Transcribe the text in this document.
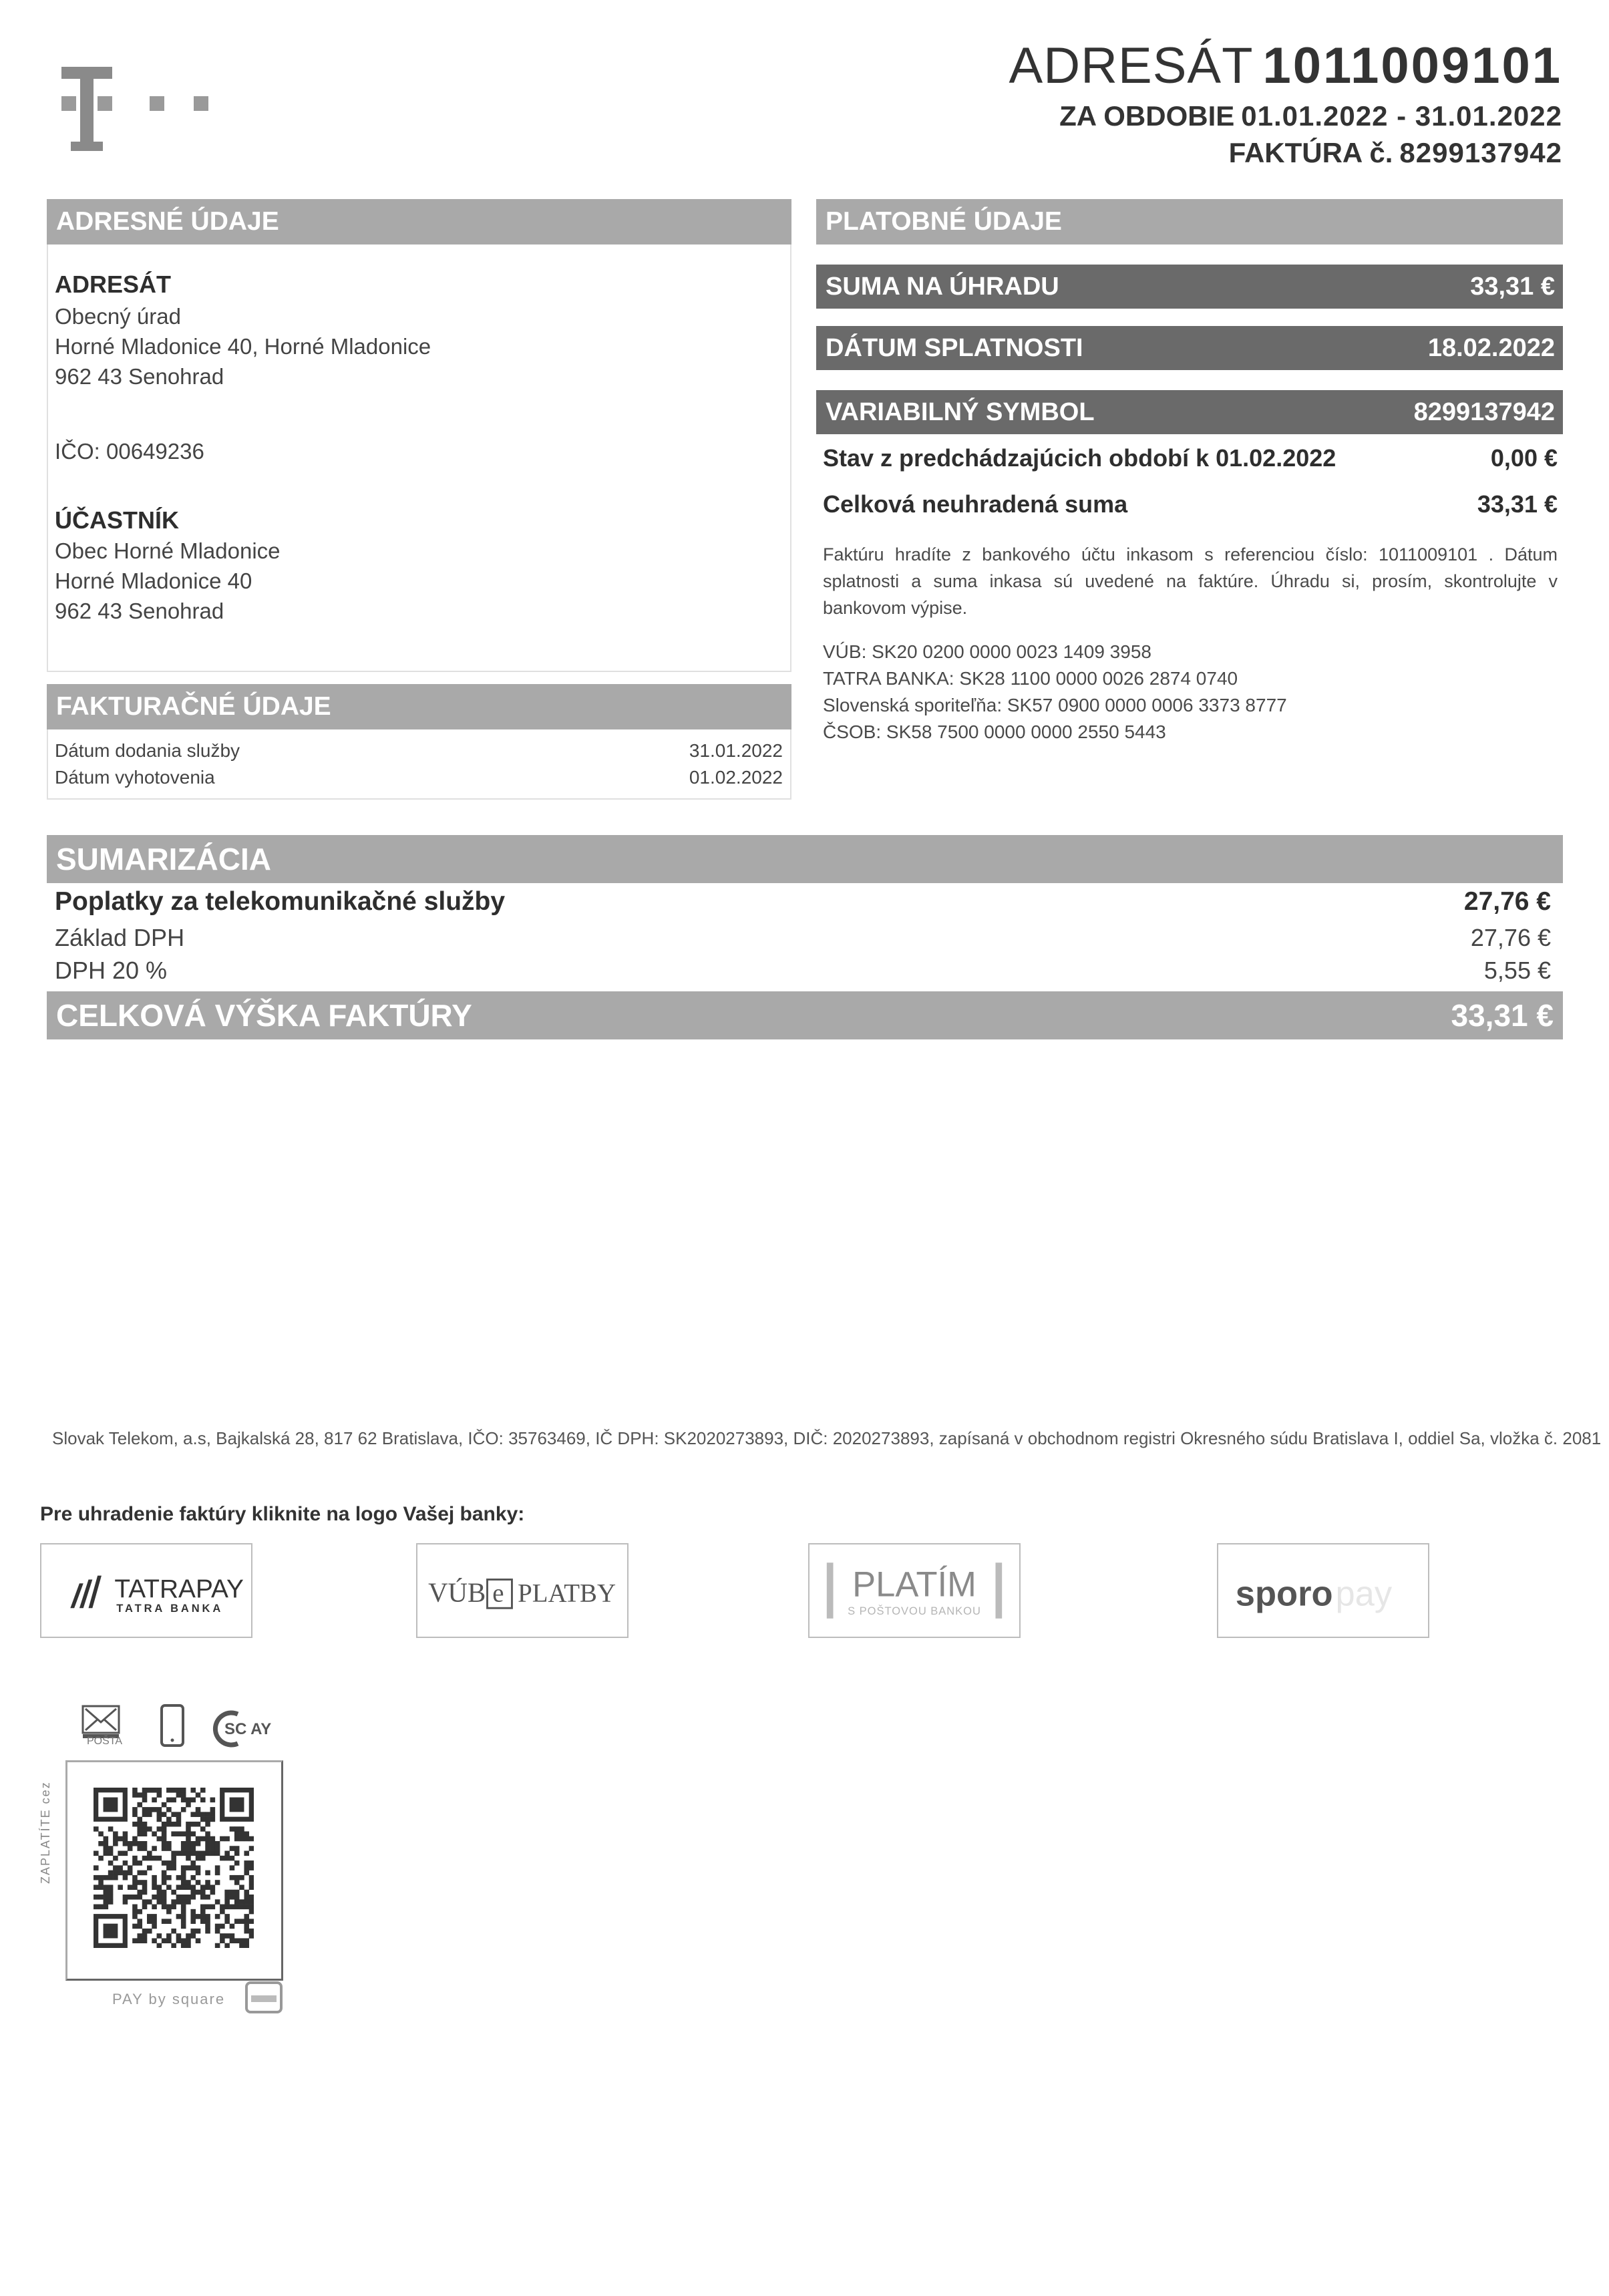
ADRESÁT 1011009101
ZA OBDOBIE 01.01.2022 - 31.01.2022
FAKTÚRA č. 8299137942
ADRESNÉ ÚDAJE
ADRESÁT
Obecný úrad
Horné Mladonice 40, Horné Mladonice
962 43 Senohrad
IČO: 00649236
ÚČASTNÍK
Obec Horné Mladonice
Horné Mladonice 40
962 43 Senohrad
FAKTURAČNÉ ÚDAJE
Dátum dodania služby	31.01.2022
Dátum vyhotovenia	01.02.2022
PLATOBNÉ ÚDAJE
SUMA NA ÚHRADU	33,31 €
DÁTUM SPLATNOSTI	18.02.2022
VARIABILNÝ SYMBOL	8299137942
Stav z predchádzajúcich období k 01.02.2022	0,00 €
Celková neuhradená suma	33,31 €
Faktúru hradíte z bankového účtu inkasom s referenciou číslo: 1011009101 . Dátum splatnosti a suma inkasa sú uvedené na faktúre. Úhradu si, prosím, skontrolujte v bankovom výpise.
VÚB: SK20 0200 0000 0023 1409 3958
TATRA BANKA: SK28 1100 0000 0026 2874 0740
Slovenská sporiteľňa: SK57 0900 0000 0006 3373 8777
ČSOB: SK58 7500 0000 0000 2550 5443
SUMARIZÁCIA
Poplatky za telekomunikačné služby	27,76 €
Základ DPH	27,76 €
DPH 20 %	5,55 €
CELKOVÁ VÝŠKA FAKTÚRY	33,31 €
Slovak Telekom, a.s, Bajkalská 28, 817 62 Bratislava, IČO: 35763469, IČ DPH: SK2020273893, DIČ: 2020273893, zapísaná v obchodnom registri Okresného súdu Bratislava I, oddiel Sa, vložka č. 2081
Pre uhradenie faktúry kliknite na logo Vašej banky:
TATRAPAY
TATRA BANKA
VÚB e PLATBY	PLATÍM
S POŠTOVOU BANKOU	sporo pay
POŠTA
SC AY
ZAPLATÍTE cez
PAY by square
